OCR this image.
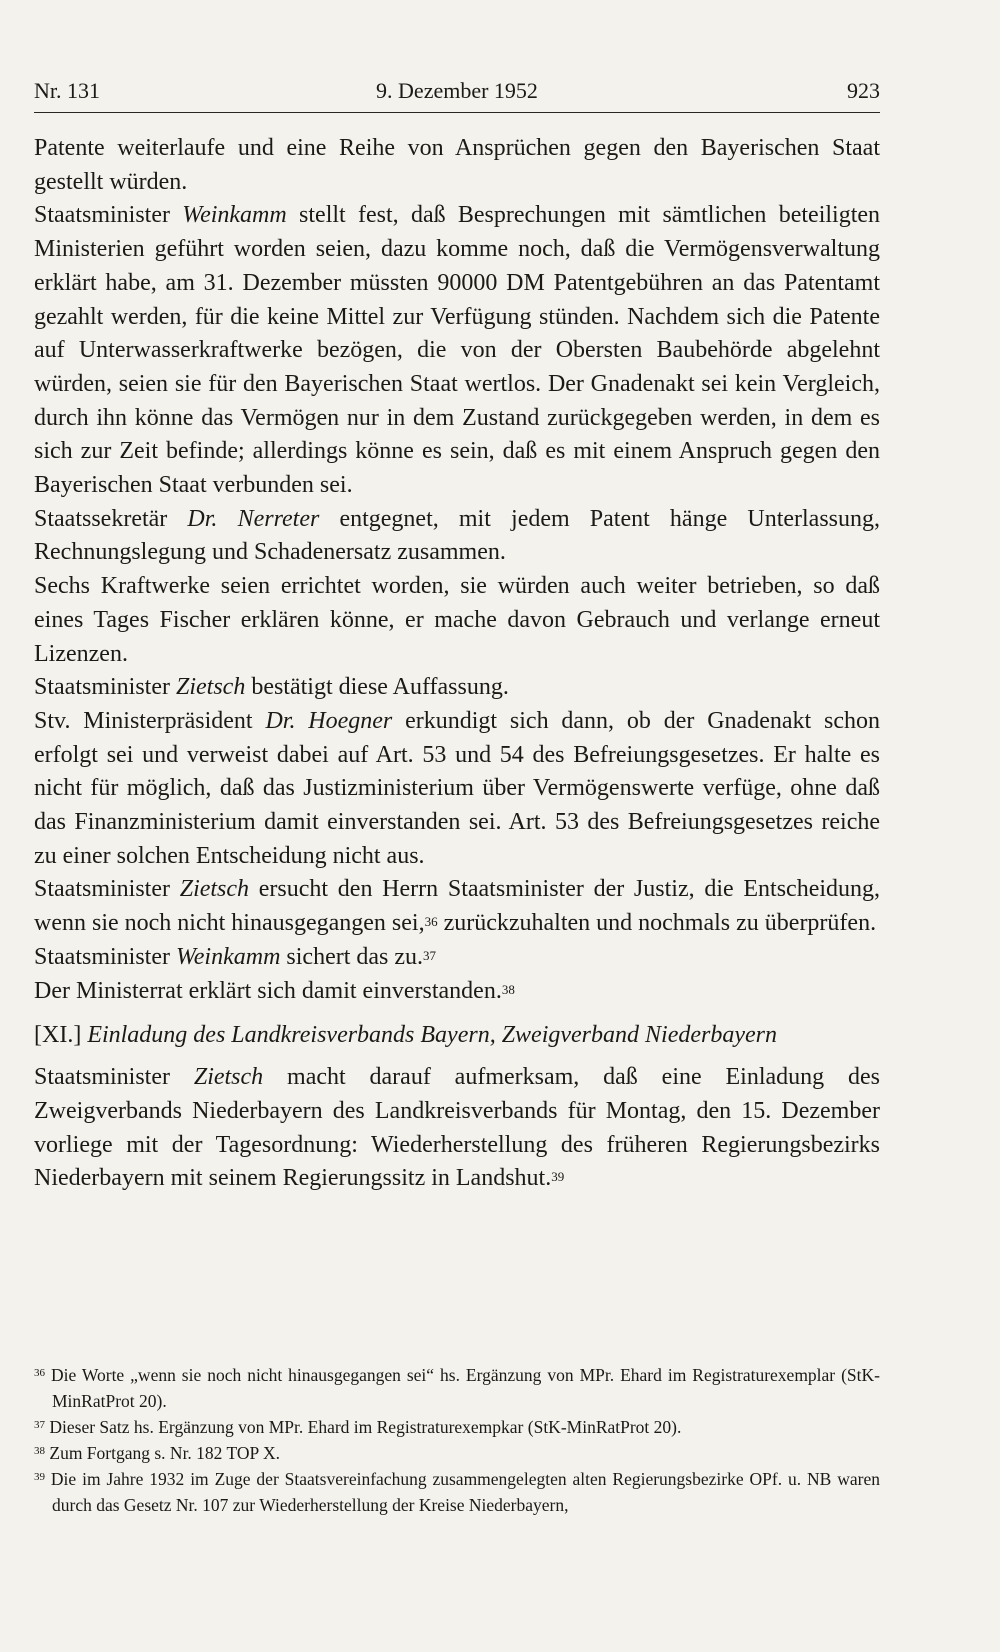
Nr. 131	9. Dezember 1952	923
Patente weiterlaufe und eine Reihe von Ansprüchen gegen den Bayerischen Staat gestellt würden.
Staatsminister Weinkamm stellt fest, daß Besprechungen mit sämtlichen beteiligten Ministerien geführt worden seien, dazu komme noch, daß die Vermögensverwaltung erklärt habe, am 31. Dezember müssten 90000 DM Patentgebühren an das Patentamt gezahlt werden, für die keine Mittel zur Verfügung stünden. Nachdem sich die Patente auf Unterwasserkraftwerke bezögen, die von der Obersten Baubehörde abgelehnt würden, seien sie für den Bayerischen Staat wertlos. Der Gnadenakt sei kein Vergleich, durch ihn könne das Vermögen nur in dem Zustand zurückgegeben werden, in dem es sich zur Zeit befinde; allerdings könne es sein, daß es mit einem Anspruch gegen den Bayerischen Staat verbunden sei.
Staatssekretär Dr. Nerreter entgegnet, mit jedem Patent hänge Unterlassung, Rechnungslegung und Schadenersatz zusammen.
Sechs Kraftwerke seien errichtet worden, sie würden auch weiter betrieben, so daß eines Tages Fischer erklären könne, er mache davon Gebrauch und verlange erneut Lizenzen.
Staatsminister Zietsch bestätigt diese Auffassung.
Stv. Ministerpräsident Dr. Hoegner erkundigt sich dann, ob der Gnadenakt schon erfolgt sei und verweist dabei auf Art. 53 und 54 des Befreiungsgesetzes. Er halte es nicht für möglich, daß das Justizministerium über Vermögenswerte verfüge, ohne daß das Finanzministerium damit einverstanden sei. Art. 53 des Befreiungsgesetzes reiche zu einer solchen Entscheidung nicht aus.
Staatsminister Zietsch ersucht den Herrn Staatsminister der Justiz, die Entscheidung, wenn sie noch nicht hinausgegangen sei,$^{36}$ zurückzuhalten und nochmals zu überprüfen.
Staatsminister Weinkamm sichert das zu.$^{37}$
Der Ministerrat erklärt sich damit einverstanden.$^{38}$
[XI.] Einladung des Landkreisverbands Bayern, Zweigverband Niederbayern
Staatsminister Zietsch macht darauf aufmerksam, daß eine Einladung des Zweigverbands Niederbayern des Landkreisverbands für Montag, den 15. Dezember vorliege mit der Tagesordnung: Wiederherstellung des früheren Regierungsbezirks Niederbayern mit seinem Regierungssitz in Landshut.$^{39}$
$^{36}$ Die Worte „wenn sie noch nicht hinausgegangen sei“ hs. Ergänzung von MPr. Ehard im Registraturexemplar (StK-MinRatProt 20).
$^{37}$ Dieser Satz hs. Ergänzung von MPr. Ehard im Registraturexempkar (StK-MinRatProt 20).
$^{38}$ Zum Fortgang s. Nr. 182 TOP X.
$^{39}$ Die im Jahre 1932 im Zuge der Staatsvereinfachung zusammengelegten alten Regierungsbezirke OPf. u. NB waren durch das Gesetz Nr. 107 zur Wiederherstellung der Kreise Niederbayern,
